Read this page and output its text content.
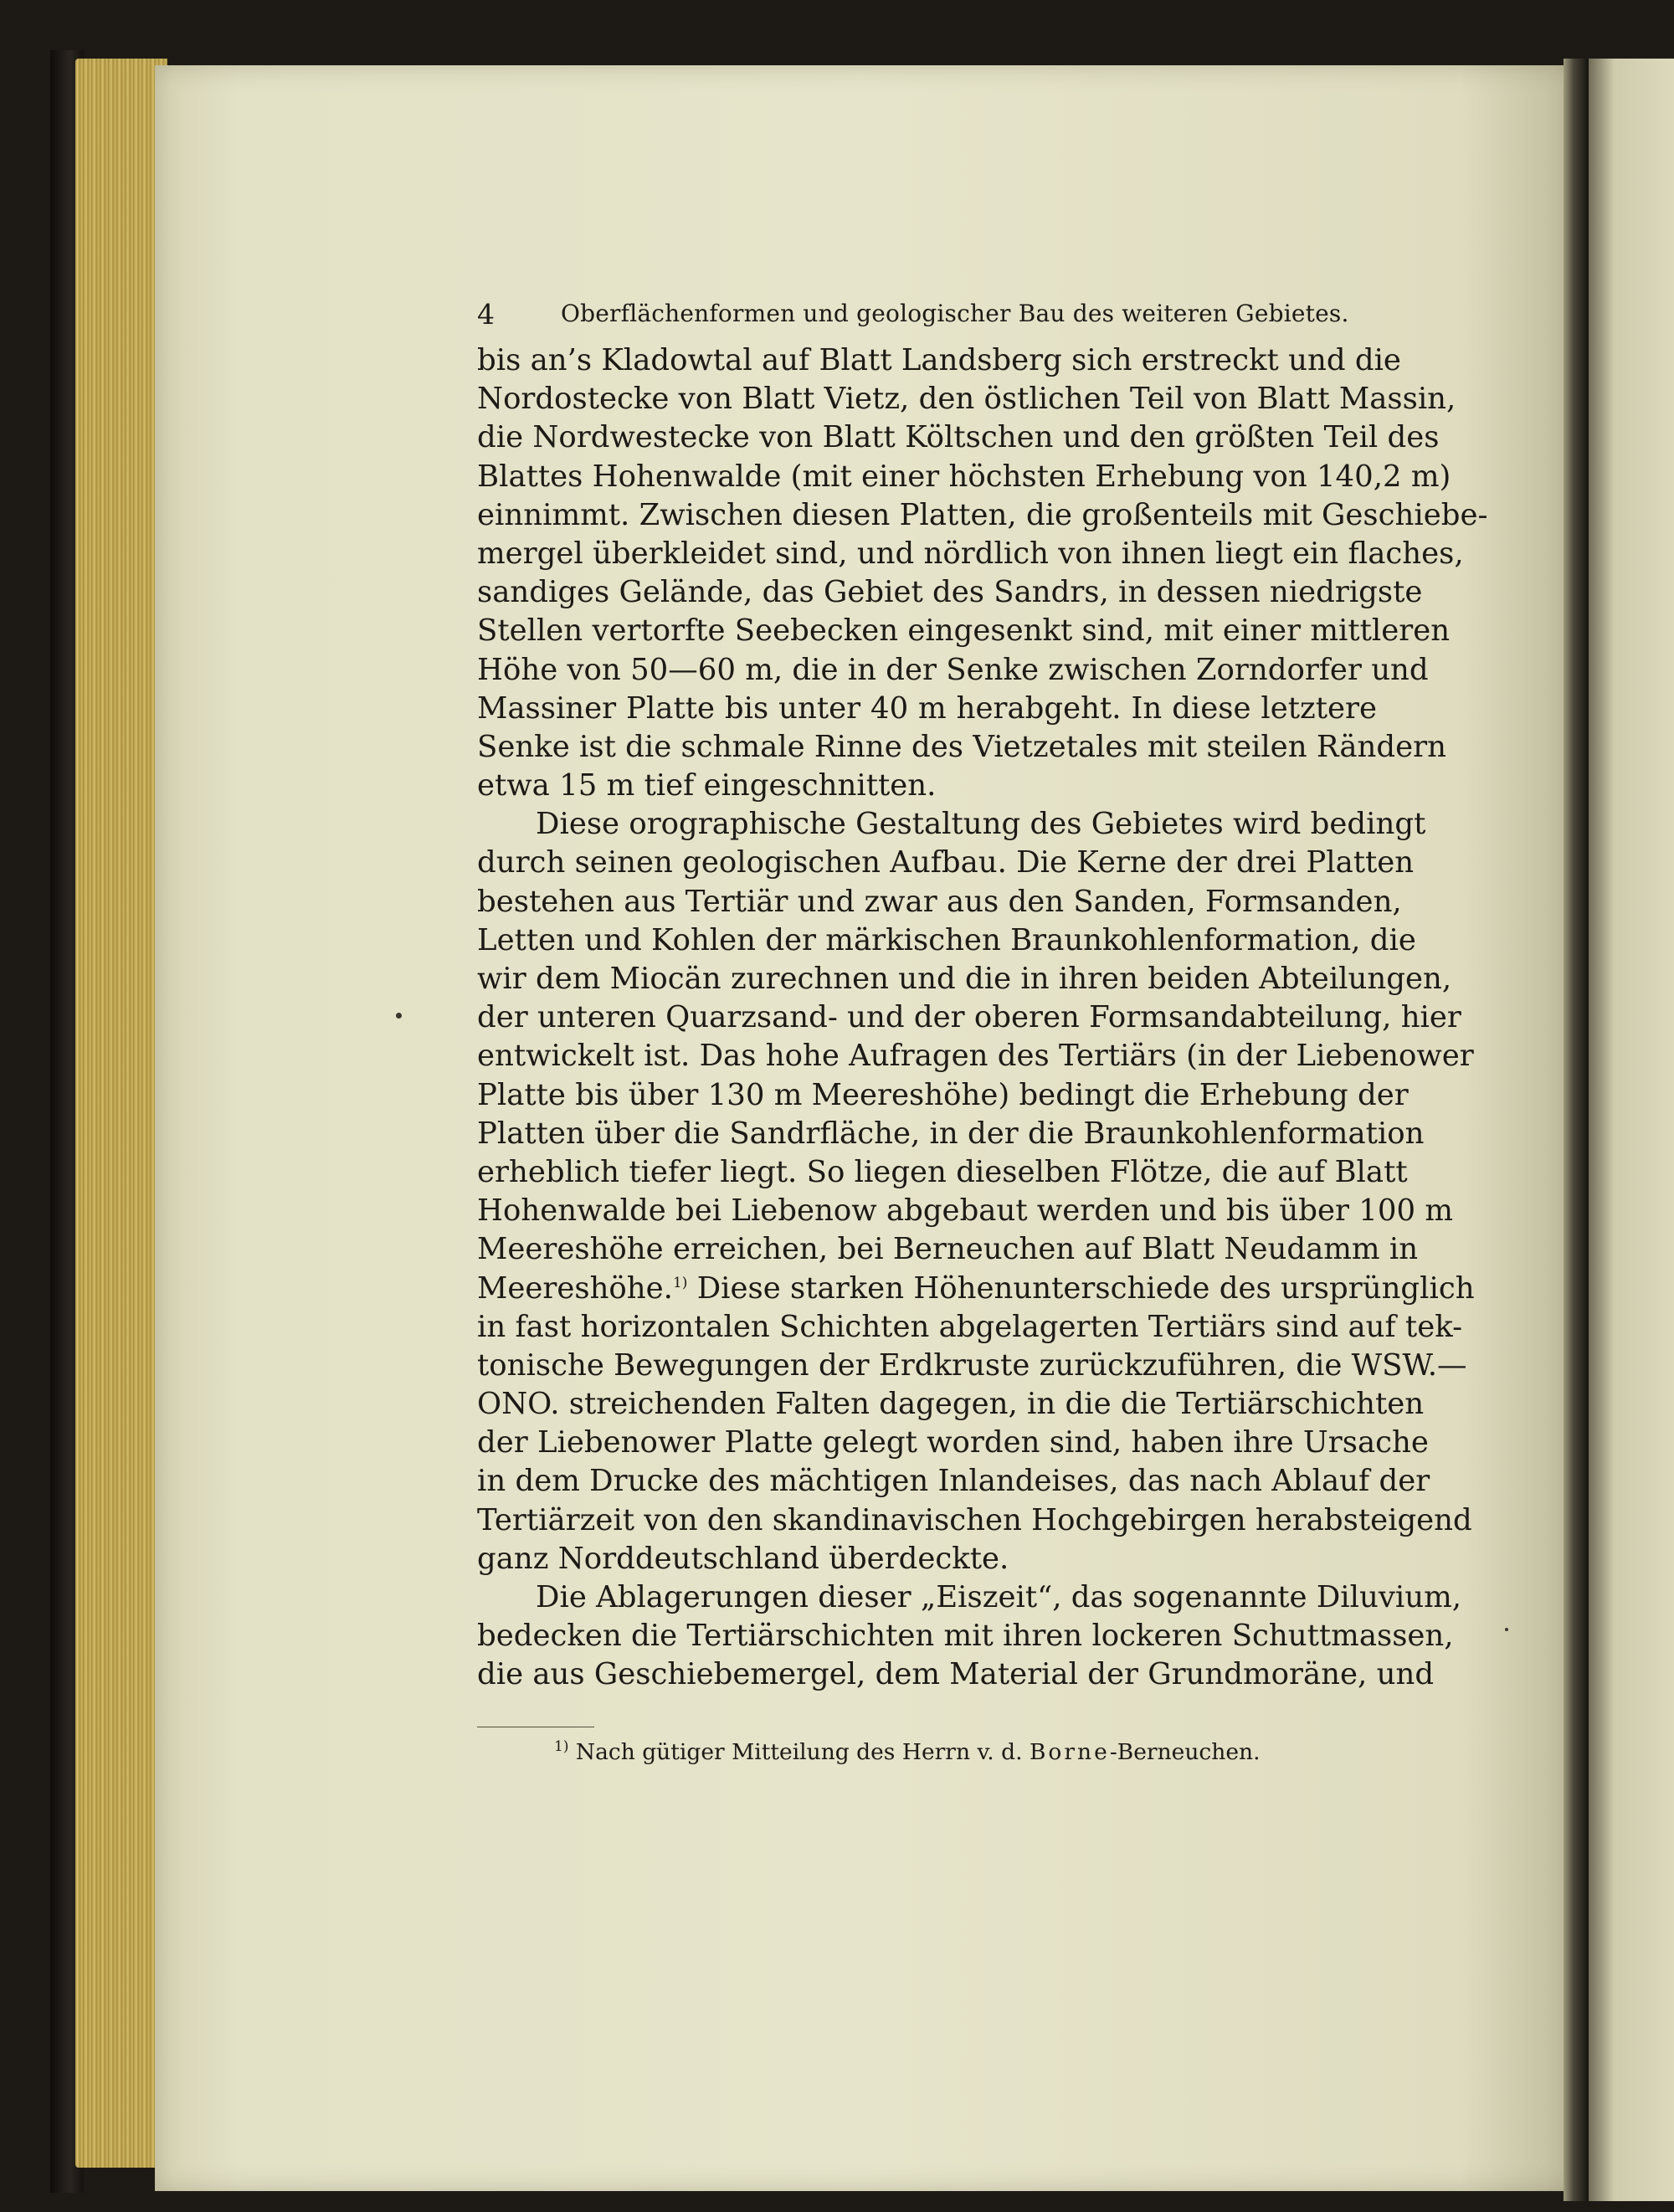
4	Oberflächenformen und geologischer Bau des weiteren Gebietes.
bis an’s Kladowtal auf Blatt Landsberg sich erstreckt und die
Nordostecke von Blatt Vietz, den östlichen Teil von Blatt Massin,
die Nordwestecke von Blatt Költschen und den größten Teil des
Blattes Hohenwalde (mit einer höchsten Erhebung von 140,2 m)
einnimmt. Zwischen diesen Platten, die großenteils mit Geschiebe-
mergel überkleidet sind, und nördlich von ihnen liegt ein flaches,
sandiges Gelände, das Gebiet des Sandrs, in dessen niedrigste
Stellen vertorfte Seebecken eingesenkt sind, mit einer mittleren
Höhe von 50—60 m, die in der Senke zwischen Zorndorfer und
Massiner Platte bis unter 40 m herabgeht. In diese letztere
Senke ist die schmale Rinne des Vietzetales mit steilen Rändern
etwa 15 m tief eingeschnitten.
Diese orographische Gestaltung des Gebietes wird bedingt
durch seinen geologischen Aufbau. Die Kerne der drei Platten
bestehen aus Tertiär und zwar aus den Sanden, Formsanden,
Letten und Kohlen der märkischen Braunkohlenformation, die
wir dem Miocän zurechnen und die in ihren beiden Abteilungen,
der unteren Quarzsand- und der oberen Formsandabteilung, hier
entwickelt ist. Das hohe Aufragen des Tertiärs (in der Liebenower
Platte bis über 130 m Meereshöhe) bedingt die Erhebung der
Platten über die Sandrfläche, in der die Braunkohlenformation
erheblich tiefer liegt. So liegen dieselben Flötze, die auf Blatt
Hohenwalde bei Liebenow abgebaut werden und bis über 100 m
Meereshöhe erreichen, bei Berneuchen auf Blatt Neudamm in
Meereshöhe.$^{1)}$ Diese starken Höhenunterschiede des ursprünglich
in fast horizontalen Schichten abgelagerten Tertiärs sind auf tek-
tonische Bewegungen der Erdkruste zurückzuführen, die WSW.—
ONO. streichenden Falten dagegen, in die die Tertiärschichten
der Liebenower Platte gelegt worden sind, haben ihre Ursache
in dem Drucke des mächtigen Inlandeises, das nach Ablauf der
Tertiärzeit von den skandinavischen Hochgebirgen herabsteigend
ganz Norddeutschland überdeckte.
Die Ablagerungen dieser „Eiszeit“, das sogenannte Diluvium,
bedecken die Tertiärschichten mit ihren lockeren Schuttmassen,
die aus Geschiebemergel, dem Material der Grundmoräne, und
$^{1)}$ Nach gütiger Mitteilung des Herrn v. d. Borne-Berneuchen.
